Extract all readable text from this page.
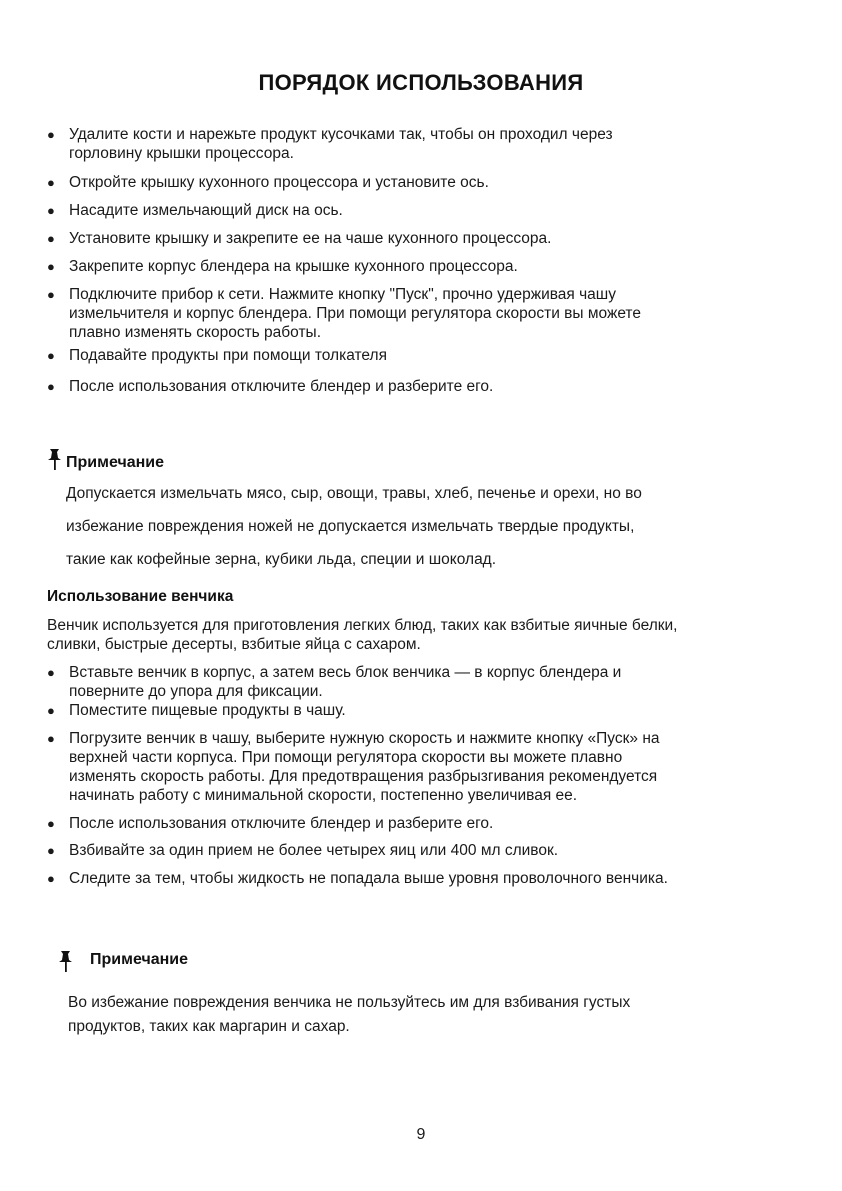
ПОРЯДОК ИСПОЛЬЗОВАНИЯ
● Удалите кости и нарежьте продукт кусочками так, чтобы он проходил через
горловину крышки процессора.
● Откройте крышку кухонного процессора и установите ось.
● Насадите измельчающий диск на ось.
● Установите крышку и закрепите ее на чаше кухонного процессора.
● Закрепите корпус блендера на крышке кухонного процессора.
● Подключите прибор к сети. Нажмите кнопку "Пуск", прочно удерживая чашу
измельчителя и корпус блендера. При помощи регулятора скорости вы можете
плавно изменять скорость работы.
● Подавайте продукты при помощи толкателя
● После использования отключите блендер и разберите его.
Примечание
Допускается измельчать мясо, сыр, овощи, травы, хлеб, печенье и орехи, но во
избежание повреждения ножей не допускается измельчать твердые продукты,
такие как кофейные зерна, кубики льда, специи и шоколад.
Использование венчика
Венчик используется для приготовления легких блюд, таких как взбитые яичные белки,
сливки, быстрые десерты, взбитые яйца с сахаром.
● Вставьте венчик в корпус, а затем весь блок венчика — в корпус блендера и
поверните до упора для фиксации.
● Поместите пищевые продукты в чашу.
● Погрузите венчик в чашу, выберите нужную скорость и нажмите кнопку «Пуск» на
верхней части корпуса. При помощи регулятора скорости вы можете плавно
изменять скорость работы. Для предотвращения разбрызгивания рекомендуется
начинать работу с минимальной скорости, постепенно увеличивая ее.
● После использования отключите блендер и разберите его.
● Взбивайте за один прием не более четырех яиц или 400 мл сливок.
● Следите за тем, чтобы жидкость не попадала выше уровня проволочного венчика.
Примечание
Во избежание повреждения венчика не пользуйтесь им для взбивания густых
продуктов, таких как маргарин и сахар.
9
